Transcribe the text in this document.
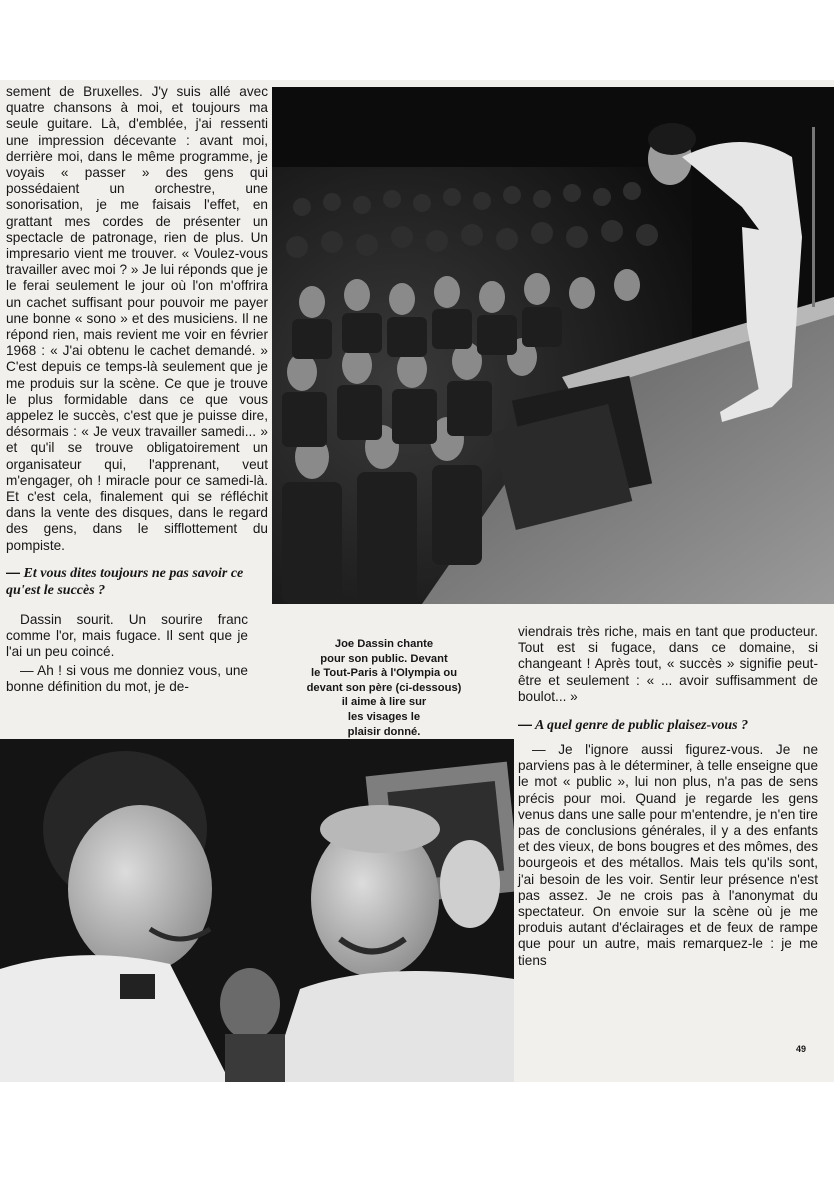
sement de Bruxelles. J'y suis allé avec quatre chansons à moi, et toujours ma seule guitare. Là, d'emblée, j'ai ressenti une impression décevante : avant moi, derrière moi, dans le même programme, je voyais « passer » des gens qui possédaient un orchestre, une sonorisation, je me faisais l'effet, en grattant mes cordes de présenter un spectacle de patronage, rien de plus. Un impresario vient me trouver. « Voulez-vous travailler avec moi ? » Je lui réponds que je le ferai seulement le jour où l'on m'offrira un cachet suffisant pour pouvoir me payer une bonne « sono » et des musiciens. Il ne répond rien, mais revient me voir en février 1968 : « J'ai obtenu le cachet demandé. » C'est depuis ce temps-là seulement que je me produis sur la scène. Ce que je trouve le plus formidable dans ce que vous appelez le succès, c'est que je puisse dire, désormais : « Je veux travailler samedi... » et qu'il se trouve obligatoirement un organisateur qui, l'apprenant, veut m'engager, oh ! miracle pour ce samedi-là. Et c'est cela, finalement qui se réfléchit dans la vente des disques, dans le regard des gens, dans le sifflottement du pompiste.

— Et vous dites toujours ne pas savoir ce qu'est le succès ?

Dassin sourit. Un sourire franc comme l'or, mais fugace. Il sent que je l'ai un peu coincé.

— Ah ! si vous me donniez vous, une bonne définition du mot, je de-

Joe Dassin chante
pour son public. Devant
le Tout-Paris à l'Olympia ou
devant son père (ci-dessous)
il aime à lire sur
les visages le
plaisir donné.

viendrais très riche, mais en tant que producteur. Tout est si fugace, dans ce domaine, si changeant ! Après tout, « succès » signifie peut-être et seulement : « ... avoir suffisamment de boulot... »

— A quel genre de public plaisez-vous ?

— Je l'ignore aussi figurez-vous. Je ne parviens pas à le déterminer, à telle enseigne que le mot « public », lui non plus, n'a pas de sens précis pour moi. Quand je regarde les gens venus dans une salle pour m'entendre, je n'en tire pas de conclusions générales, il y a des enfants et des vieux, de bons bougres et des mômes, des bourgeois et des métallos. Mais tels qu'ils sont, j'ai besoin de les voir. Sentir leur présence n'est pas assez. Je ne crois pas à l'anonymat du spectateur. On envoie sur la scène où je me produis autant d'éclairages et de feux de rampe que pour un autre, mais remarquez-le : je me tiens

49
